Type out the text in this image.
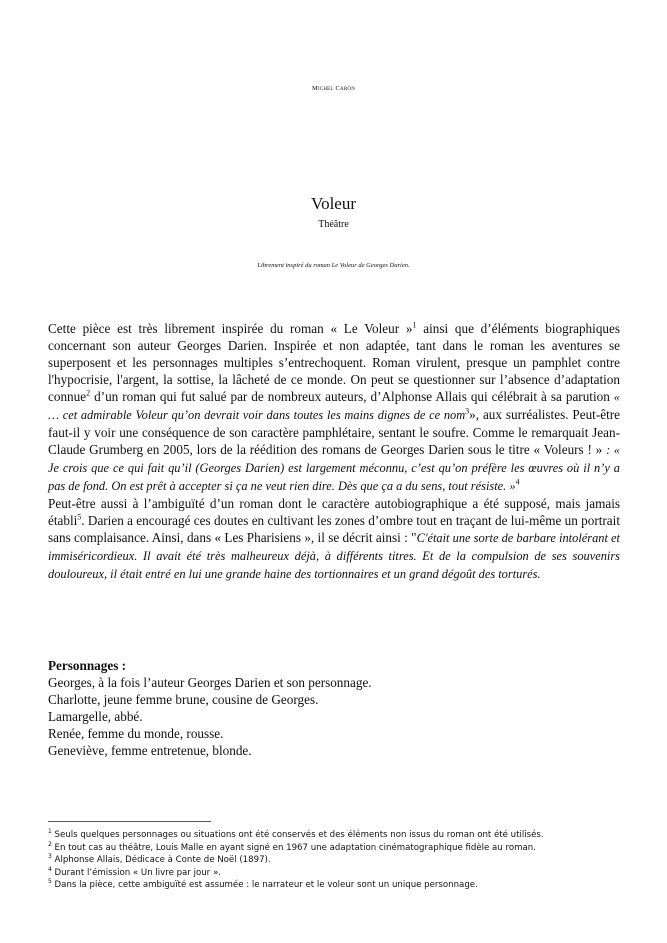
Michel Caron
Voleur
Théâtre
Librement inspiré du roman Le Voleur de Georges Darien.

Cette pièce est très librement inspirée du roman « Le Voleur »$^1$ ainsi que d’éléments biographiques concernant son auteur Georges Darien. Inspirée et non adaptée, tant dans le roman les aventures se superposent et les personnages multiples s’entrechoquent. Roman virulent, presque un pamphlet contre l'hypocrisie, l'argent, la sottise, la lâcheté de ce monde. On peut se questionner sur l’absence d’adaptation connue$^2$ d’un roman qui fut salué par de nombreux auteurs, d’Alphonse Allais qui célébrait à sa parution « … cet admirable Voleur qu’on devrait voir dans toutes les mains dignes de ce nom$^3$», aux surréalistes. Peut-être faut-il y voir une conséquence de son caractère pamphlétaire, sentant le soufre. Comme le remarquait Jean-Claude Grumberg en 2005, lors de la réédition des romans de Georges Darien sous le titre « Voleurs ! » : « Je crois que ce qui fait qu’il (Georges Darien) est largement méconnu, c’est qu’on préfère les œuvres où il n’y a pas de fond. On est prêt à accepter si ça ne veut rien dire. Dès que ça a du sens, tout résiste. »$^4$

Peut-être aussi à l’ambiguïté d’un roman dont le caractère autobiographique a été supposé, mais jamais établi$^5$. Darien a encouragé ces doutes en cultivant les zones d’ombre tout en traçant de lui-même un portrait sans complaisance. Ainsi, dans « Les Pharisiens », il se décrit ainsi : "C'était une sorte de barbare intolérant et immiséricordieux. Il avait été très malheureux déjà, à différents titres. Et de la compulsion de ses souvenirs douloureux, il était entré en lui une grande haine des tortionnaires et un grand dégoût des torturés.

Personnages :
Georges, à la fois l’auteur Georges Darien et son personnage.
Charlotte, jeune femme brune, cousine de Georges.
Lamargelle, abbé.
Renée, femme du monde, rousse.
Geneviève, femme entretenue, blonde.
$^1$ Seuls quelques personnages ou situations ont été conservés et des éléments non issus du roman ont été utilisés.
$^2$ En tout cas au théâtre, Louis Malle en ayant signé en 1967 une adaptation cinématographique fidèle au roman.
$^3$ Alphonse Allais, Dédicace à Conte de Noël (1897).
$^4$ Durant l’émission « Un livre par jour ».
$^5$ Dans la pièce, cette ambiguïté est assumée : le narrateur et le voleur sont un unique personnage.
